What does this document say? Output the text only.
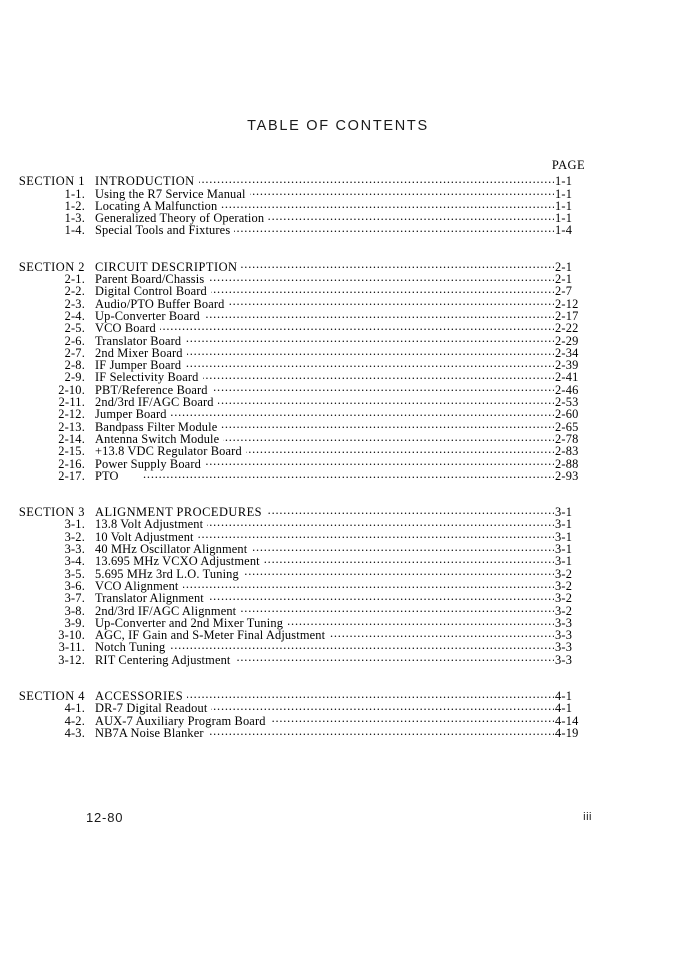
TABLE OF CONTENTS
PAGE
SECTION 1 INTRODUCTION . . .	1-1
1-1. Using the R7 Service Manual . . .	1-1
1-2. Locating A Malfunction . . .	1-1
1-3. Generalized Theory of Operation . . .	1-1
1-4. Special Tools and Fixtures . . .	1-4
SECTION 2 CIRCUIT DESCRIPTION . . .	2-1
2-1. Parent Board/Chassis . . .	2-1
2-2. Digital Control Board . . .	2-7
2-3. Audio/PTO Buffer Board . . .	2-12
2-4. Up-Converter Board . . .	2-17
2-5. VCO Board . . .	2-22
2-6. Translator Board . . .	2-29
2-7. 2nd Mixer Board . . .	2-34
2-8. IF Jumper Board . . .	2-39
2-9. IF Selectivity Board . . .	2-41
2-10. PBT/Reference Board . . .	2-46
2-11. 2nd/3rd IF/AGC Board . . .	2-53
2-12. Jumper Board . . .	2-60
2-13. Bandpass Filter Module . . .	2-65
2-14. Antenna Switch Module . . .	2-78
2-15. +13.8 VDC Regulator Board . . .	2-83
2-16. Power Supply Board . . .	2-88
2-17. PTO . . .	2-93
SECTION 3 ALIGNMENT PROCEDURES . . .	3-1
3-1. 13.8 Volt Adjustment . . .	3-1
3-2. 10 Volt Adjustment . . .	3-1
3-3. 40 MHz Oscillator Alignment . . .	3-1
3-4. 13.695 MHz VCXO Adjustment . . .	3-1
3-5. 5.695 MHz 3rd L.O. Tuning . . .	3-2
3-6. VCO Alignment . . .	3-2
3-7. Translator Alignment . . .	3-2
3-8. 2nd/3rd IF/AGC Alignment . . .	3-2
3-9. Up-Converter and 2nd Mixer Tuning . . .	3-3
3-10. AGC, IF Gain and S-Meter Final Adjustment . . .	3-3
3-11. Notch Tuning . . .	3-3
3-12. RIT Centering Adjustment . . .	3-3
SECTION 4 ACCESSORIES . . .	4-1
4-1. DR-7 Digital Readout . . .	4-1
4-2. AUX-7 Auxiliary Program Board . . .	4-14
4-3. NB7A Noise Blanker . . .	4-19
12-80	iii
